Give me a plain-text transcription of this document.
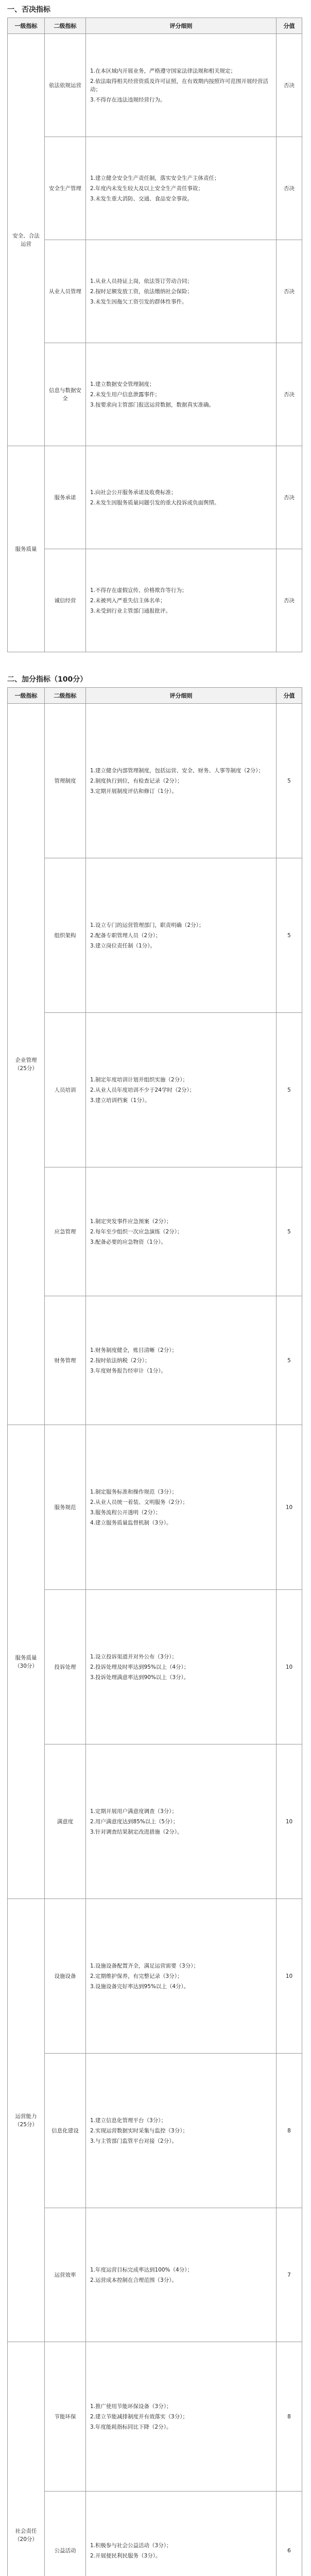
一、否决指标
一级指标	二级指标	评分细则	分值
安全、合法运营	依法依规运营	1.在本区域内开展业务，严格遵守国家法律法规和相关规定；
2.依法取得相关经营资质及许可证照，在有效期内按照许可范围开展经营活动；
3.不得存在违法违规经营行为。	否决
	安全生产管理	1.建立健全安全生产责任制，落实安全生产主体责任；
2.年度内未发生较大及以上安全生产责任事故；
3.未发生重大消防、交通、食品安全事故。	否决
	从业人员管理	1.从业人员持证上岗，依法签订劳动合同；
2.按时足额发放工资，依法缴纳社会保险；
3.未发生因拖欠工资引发的群体性事件。	否决
	信息与数据安全	1.建立数据安全管理制度；
2.未发生用户信息泄露事件；
3.按要求向主管部门报送运营数据，数据真实准确。	否决
服务质量	服务承诺	1.向社会公开服务承诺及收费标准；
2.未发生因服务质量问题引发的重大投诉或负面舆情。	否决
	诚信经营	1.不得存在虚假宣传、价格欺诈等行为；
2.未被列入严重失信主体名单；
3.未受到行业主管部门通报批评。	否决
二、加分指标（100分）
一级指标	二级指标	评分细则	分值
企业管理（25分）	管理制度	1.建立健全内部管理制度，包括运营、安全、财务、人事等制度（2分）；
2.制度执行到位，有检查记录（2分）；
3.定期开展制度评估和修订（1分）。	5
	组织架构	1.设立专门的运营管理部门，职责明确（2分）；
2.配备专职管理人员（2分）；
3.建立岗位责任制（1分）。	5
	人员培训	1.制定年度培训计划并组织实施（2分）；
2.从业人员年度培训不少于24学时（2分）；
3.建立培训档案（1分）。	5
	应急管理	1.制定突发事件应急预案（2分）；
2.每年至少组织一次应急演练（2分）；
3.配备必要的应急物资（1分）。	5
	财务管理	1.财务制度健全，账目清晰（2分）；
2.按时依法纳税（2分）；
3.年度财务报告经审计（1分）。	5
服务质量（30分）	服务规范	1.制定服务标准和操作规范（3分）；
2.从业人员统一着装、文明服务（2分）；
3.服务流程公开透明（2分）；
4.建立服务质量监督机制（3分）。	10
	投诉处理	1.设立投诉渠道并对外公布（3分）；
2.投诉处理及时率达到95%以上（4分）；
3.投诉处理满意率达到90%以上（3分）。	10
	满意度	1.定期开展用户满意度调查（3分）；
2.用户满意度达到85%以上（5分）；
3.针对调查结果制定改进措施（2分）。	10
运营能力（25分）	设施设备	1.设施设备配置齐全，满足运营需要（3分）；
2.定期维护保养，有完整记录（3分）；
3.设施设备完好率达到95%以上（4分）。	10
	信息化建设	1.建立信息化管理平台（3分）；
2.实现运营数据实时采集与监控（3分）；
3.与主管部门监管平台对接（2分）。	8
	运营效率	1.年度运营目标完成率达到100%（4分）；
2.运营成本控制在合理范围（3分）。	7
社会责任（20分）	节能环保	1.推广使用节能环保设备（3分）；
2.建立节能减排制度并有效落实（3分）；
3.年度能耗指标同比下降（2分）。	8
	公益活动	1.积极参与社会公益活动（3分）；
2.开展便民利民服务（3分）。	6
